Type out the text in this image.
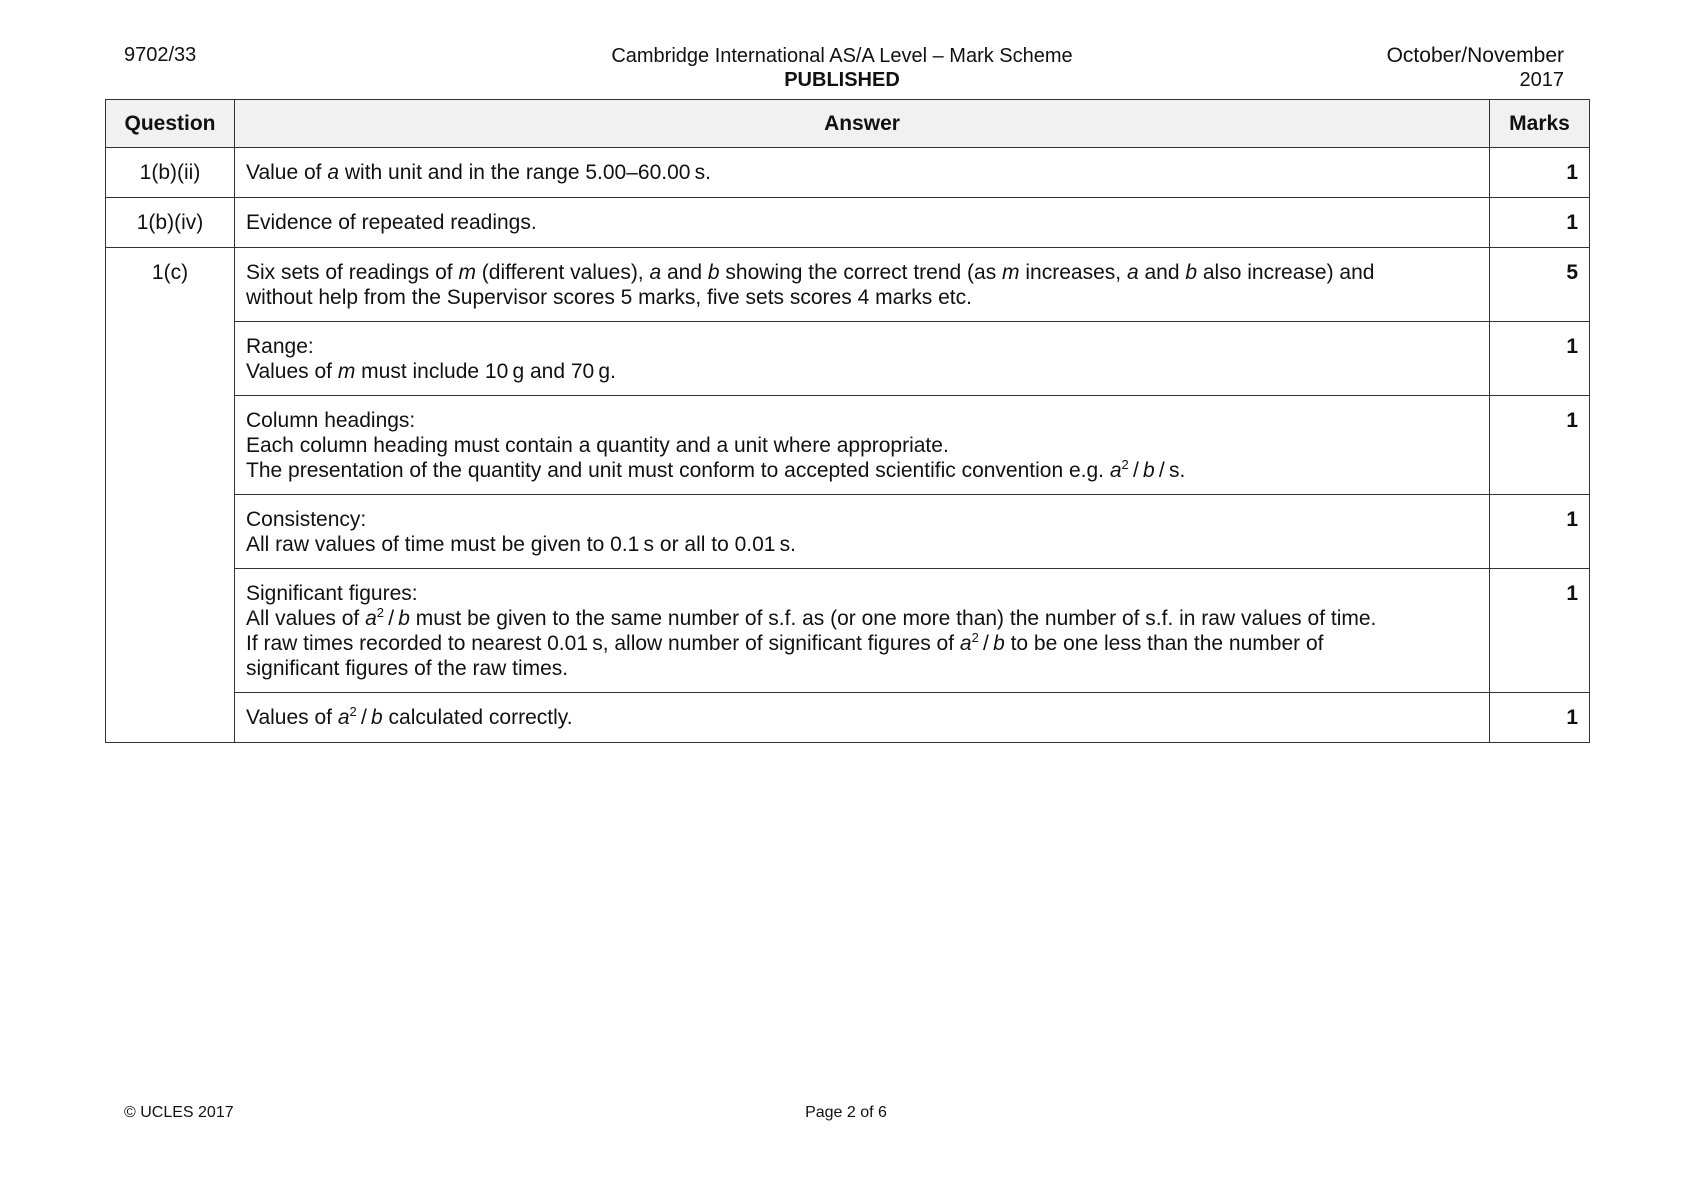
9702/33	Cambridge International AS/A Level – Mark Scheme
PUBLISHED
October/November
2017
Question	Answer	Marks
1(b)(ii)	Value of a with unit and in the range 5.00–60.00 s.	1
1(b)(iv)	Evidence of repeated readings.	1
1(c)	Six sets of readings of m (different values), a and b showing the correct trend (as m increases, a and b also increase) and
without help from the Supervisor scores 5 marks, five sets scores 4 marks etc.	5

	Range:
Values of m must include 10 g and 70 g.	1

	Column headings:
Each column heading must contain a quantity and a unit where appropriate.
The presentation of the quantity and unit must conform to accepted scientific convention e.g. $a^2$ / b / s.	1

	Consistency:
All raw values of time must be given to 0.1 s or all to 0.01 s.	1

	Significant figures:
All values of $a^2$ / b must be given to the same number of s.f. as (or one more than) the number of s.f. in raw values of time.
If raw times recorded to nearest 0.01 s, allow number of significant figures of $a^2$ / b to be one less than the number of
significant figures of the raw times.	1
	Values of $a^2$ / b calculated correctly.	1
© UCLES 2017	Page 2 of 6
